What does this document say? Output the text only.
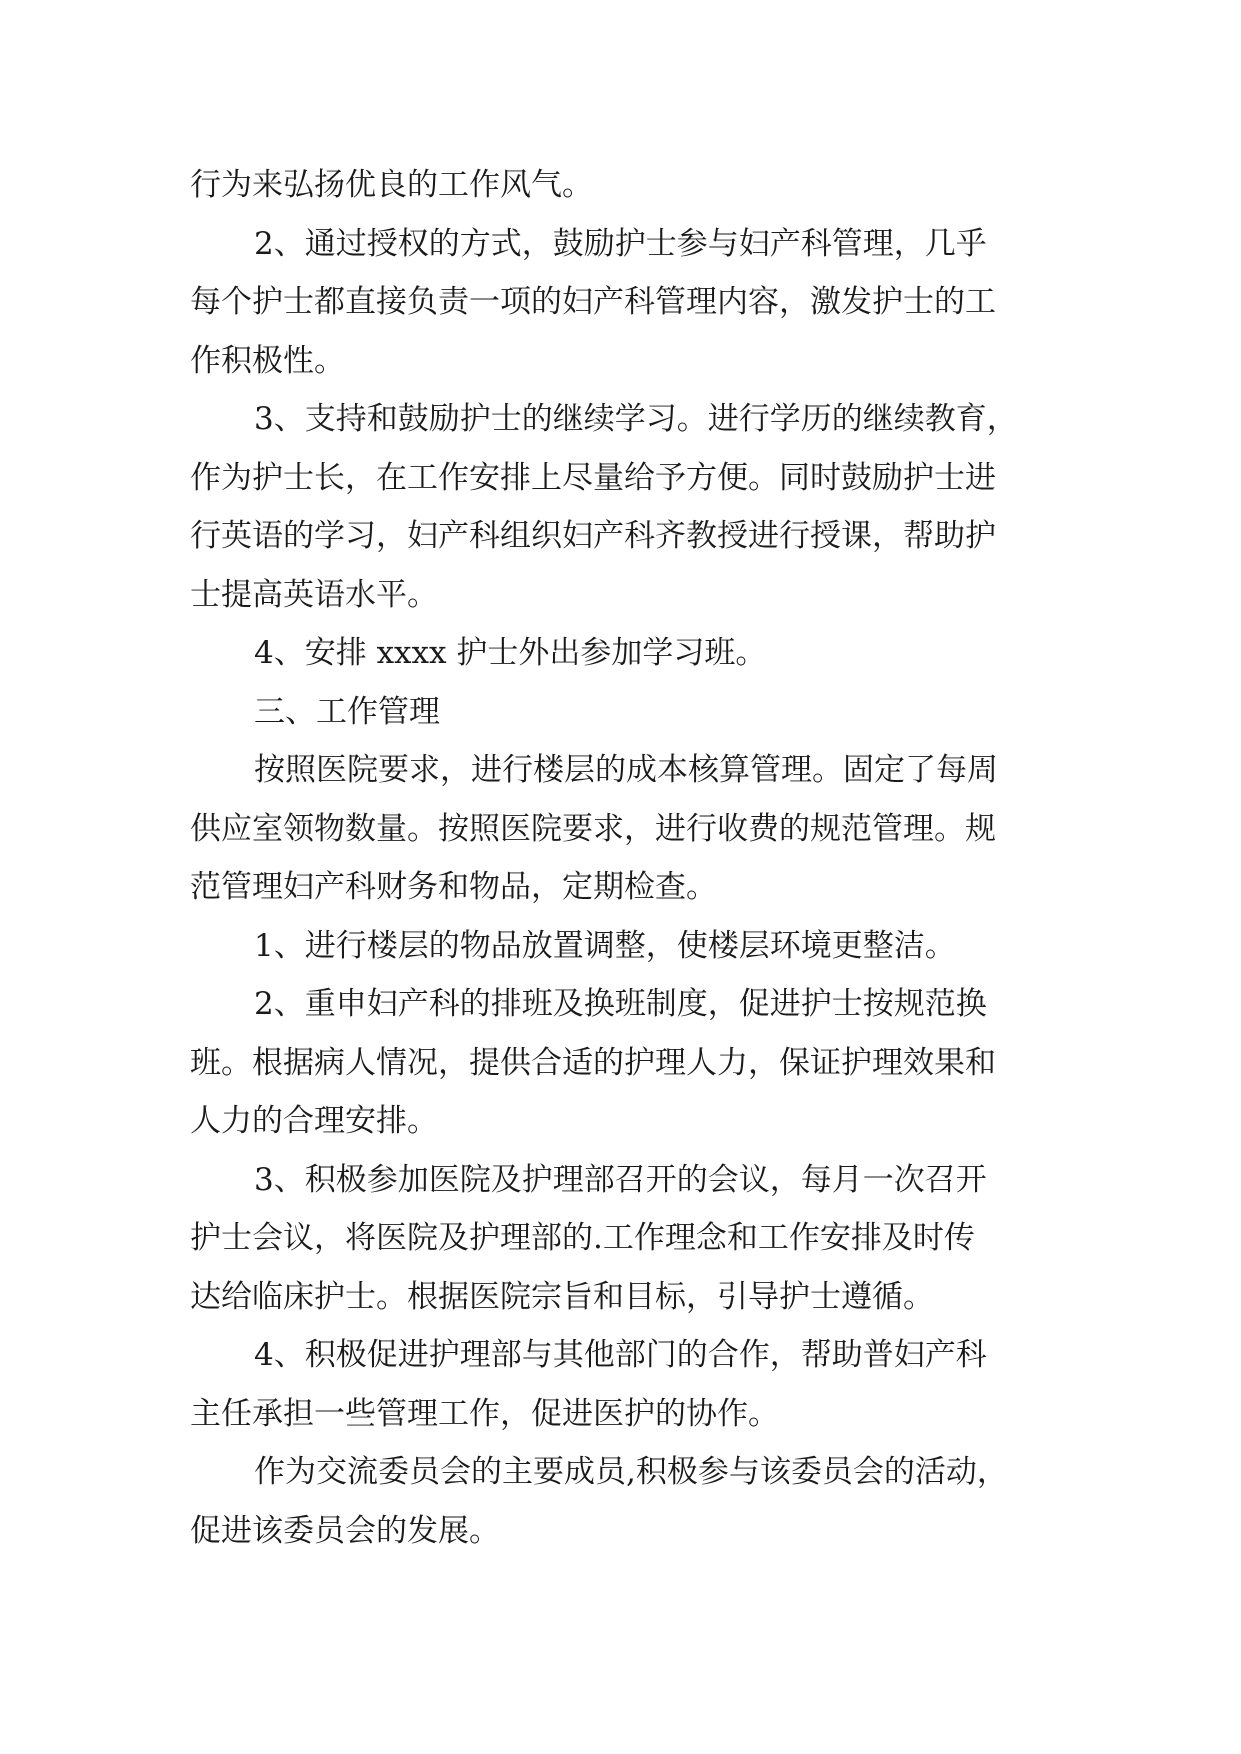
行为来弘扬优良的工作风气。
2、通过授权的方式，鼓励护士参与妇产科管理，几乎
每个护士都直接负责一项的妇产科管理内容，激发护士的工
作积极性。
3、支持和鼓励护士的继续学习。进行学历的继续教育，
作为护士长，在工作安排上尽量给予方便。同时鼓励护士进
行英语的学习，妇产科组织妇产科齐教授进行授课，帮助护
士提高英语水平。
4、安排 xxxx 护士外出参加学习班。
三、工作管理
按照医院要求，进行楼层的成本核算管理。固定了每周
供应室领物数量。按照医院要求，进行收费的规范管理。规
范管理妇产科财务和物品，定期检查。
1、进行楼层的物品放置调整，使楼层环境更整洁。
2、重申妇产科的排班及换班制度，促进护士按规范换
班。根据病人情况，提供合适的护理人力，保证护理效果和
人力的合理安排。
3、积极参加医院及护理部召开的会议，每月一次召开
护士会议，将医院及护理部的.工作理念和工作安排及时传
达给临床护士。根据医院宗旨和目标，引导护士遵循。
4、积极促进护理部与其他部门的合作，帮助普妇产科
主任承担一些管理工作，促进医护的协作。
作为交流委员会的主要成员,积极参与该委员会的活动，
促进该委员会的发展。
